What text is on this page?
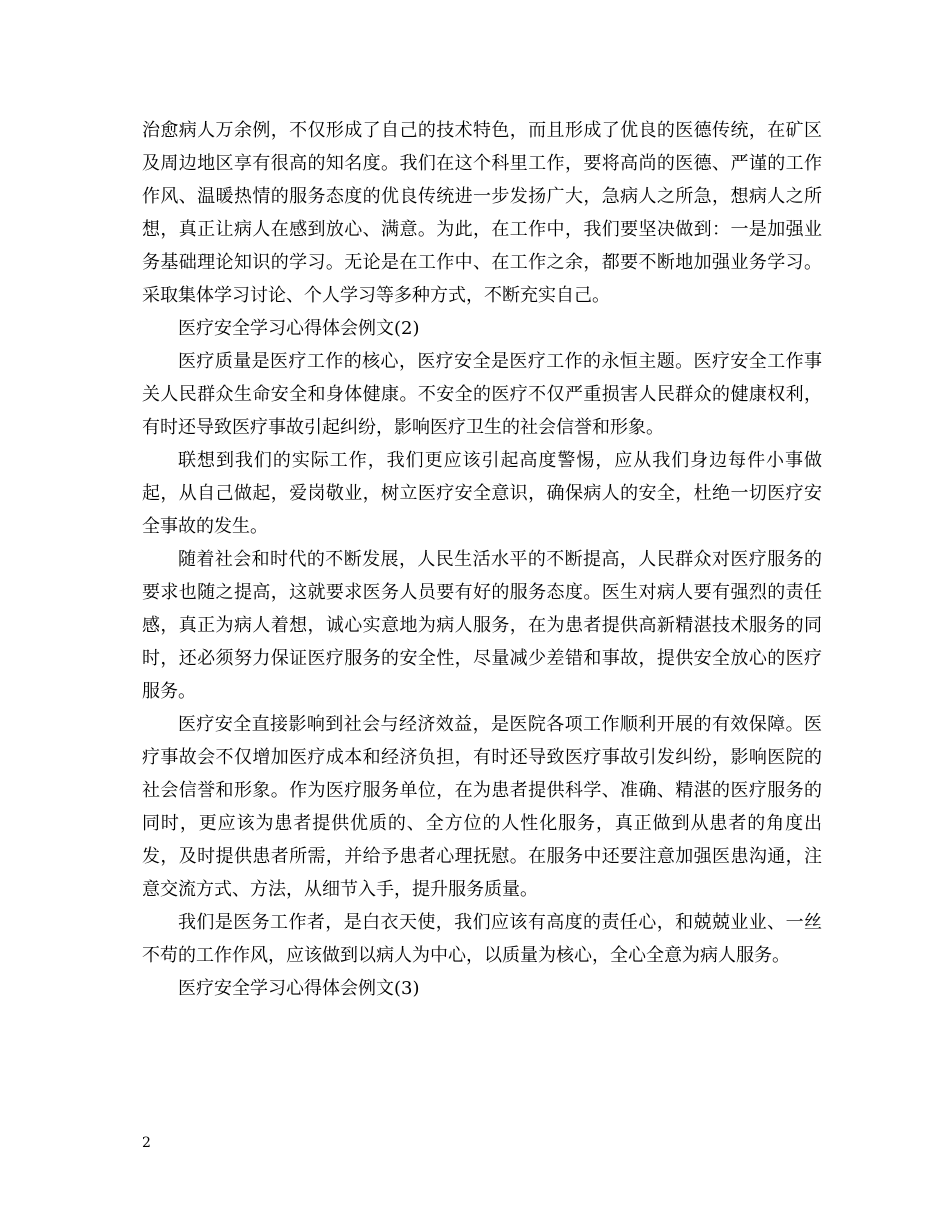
治愈病人万余例，不仅形成了自己的技术特色，而且形成了优良的医德传统，在矿区及周边地区享有很高的知名度。我们在这个科里工作，要将高尚的医德、严谨的工作作风、温暖热情的服务态度的优良传统进一步发扬广大，急病人之所急，想病人之所想，真正让病人在感到放心、满意。为此，在工作中，我们要坚决做到：一是加强业务基础理论知识的学习。无论是在工作中、在工作之余，都要不断地加强业务学习。采取集体学习讨论、个人学习等多种方式，不断充实自己。

医疗安全学习心得体会例文(2)

医疗质量是医疗工作的核心，医疗安全是医疗工作的永恒主题。医疗安全工作事关人民群众生命安全和身体健康。不安全的医疗不仅严重损害人民群众的健康权利，有时还导致医疗事故引起纠纷，影响医疗卫生的社会信誉和形象。

联想到我们的实际工作，我们更应该引起高度警惕，应从我们身边每件小事做起，从自己做起，爱岗敬业，树立医疗安全意识，确保病人的安全，杜绝一切医疗安全事故的发生。

随着社会和时代的不断发展，人民生活水平的不断提高，人民群众对医疗服务的要求也随之提高，这就要求医务人员要有好的服务态度。医生对病人要有强烈的责任感，真正为病人着想，诚心实意地为病人服务，在为患者提供高新精湛技术服务的同时，还必须努力保证医疗服务的安全性，尽量减少差错和事故，提供安全放心的医疗服务。

医疗安全直接影响到社会与经济效益，是医院各项工作顺利开展的有效保障。医疗事故会不仅增加医疗成本和经济负担，有时还导致医疗事故引发纠纷，影响医院的社会信誉和形象。作为医疗服务单位，在为患者提供科学、准确、精湛的医疗服务的同时，更应该为患者提供优质的、全方位的人性化服务，真正做到从患者的角度出发，及时提供患者所需，并给予患者心理抚慰。在服务中还要注意加强医患沟通，注意交流方式、方法，从细节入手，提升服务质量。

我们是医务工作者，是白衣天使，我们应该有高度的责任心，和兢兢业业、一丝不苟的工作作风，应该做到以病人为中心，以质量为核心，全心全意为病人服务。

医疗安全学习心得体会例文(3)

2
